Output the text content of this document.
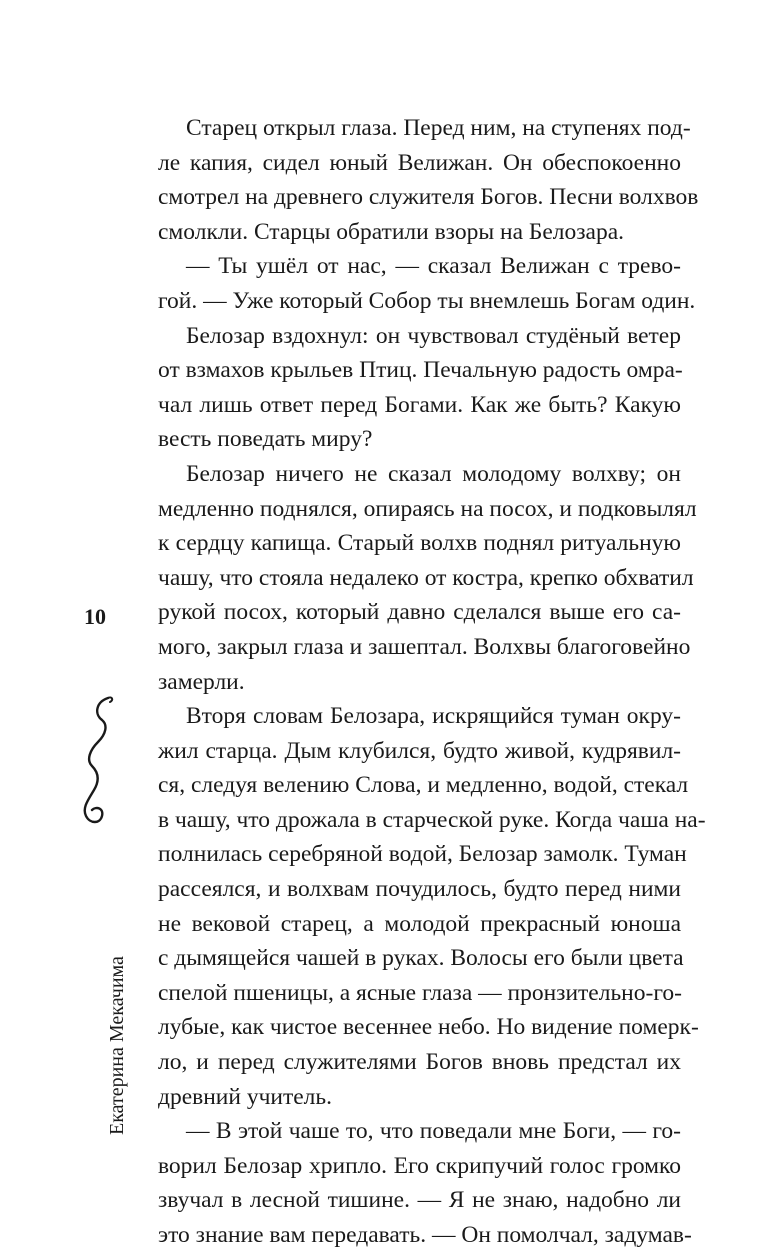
Старец открыл глаза. Перед ним, на ступенях под-
ле капия, сидел юный Велижан. Он обеспокоенно
смотрел на древнего служителя Богов. Песни волхвов
смолкли. Старцы обратили взоры на Белозара.
— Ты ушёл от нас, — сказал Велижан с трево-
гой. — Уже который Собор ты внемлешь Богам один.
Белозар вздохнул: он чувствовал студёный ветер
от взмахов крыльев Птиц. Печальную радость омра-
чал лишь ответ перед Богами. Как же быть? Какую
весть поведать миру?
Белозар ничего не сказал молодому волхву; он
медленно поднялся, опираясь на посох, и подковылял
к сердцу капища. Старый волхв поднял ритуальную
чашу, что стояла недалеко от костра, крепко обхватил
рукой посох, который давно сделался выше его са-
мого, закрыл глаза и зашептал. Волхвы благоговейно
замерли.
Вторя словам Белозара, искрящийся туман окру-
жил старца. Дым клубился, будто живой, кудрявил-
ся, следуя велению Слова, и медленно, водой, стекал
в чашу, что дрожала в старческой руке. Когда чаша на-
полнилась серебряной водой, Белозар замолк. Туман
рассеялся, и волхвам почудилось, будто перед ними
не вековой старец, а молодой прекрасный юноша
с дымящейся чашей в руках. Волосы его были цвета
спелой пшеницы, а ясные глаза — пронзительно-го-
лубые, как чистое весеннее небо. Но видение померк-
ло, и перед служителями Богов вновь предстал их
древний учитель.
— В этой чаше то, что поведали мне Боги, — го-
ворил Белозар хрипло. Его скрипучий голос громко
звучал в лесной тишине. — Я не знаю, надобно ли
это знание вам передавать. — Он помолчал, задумав-
10
Екатерина Мекачима
